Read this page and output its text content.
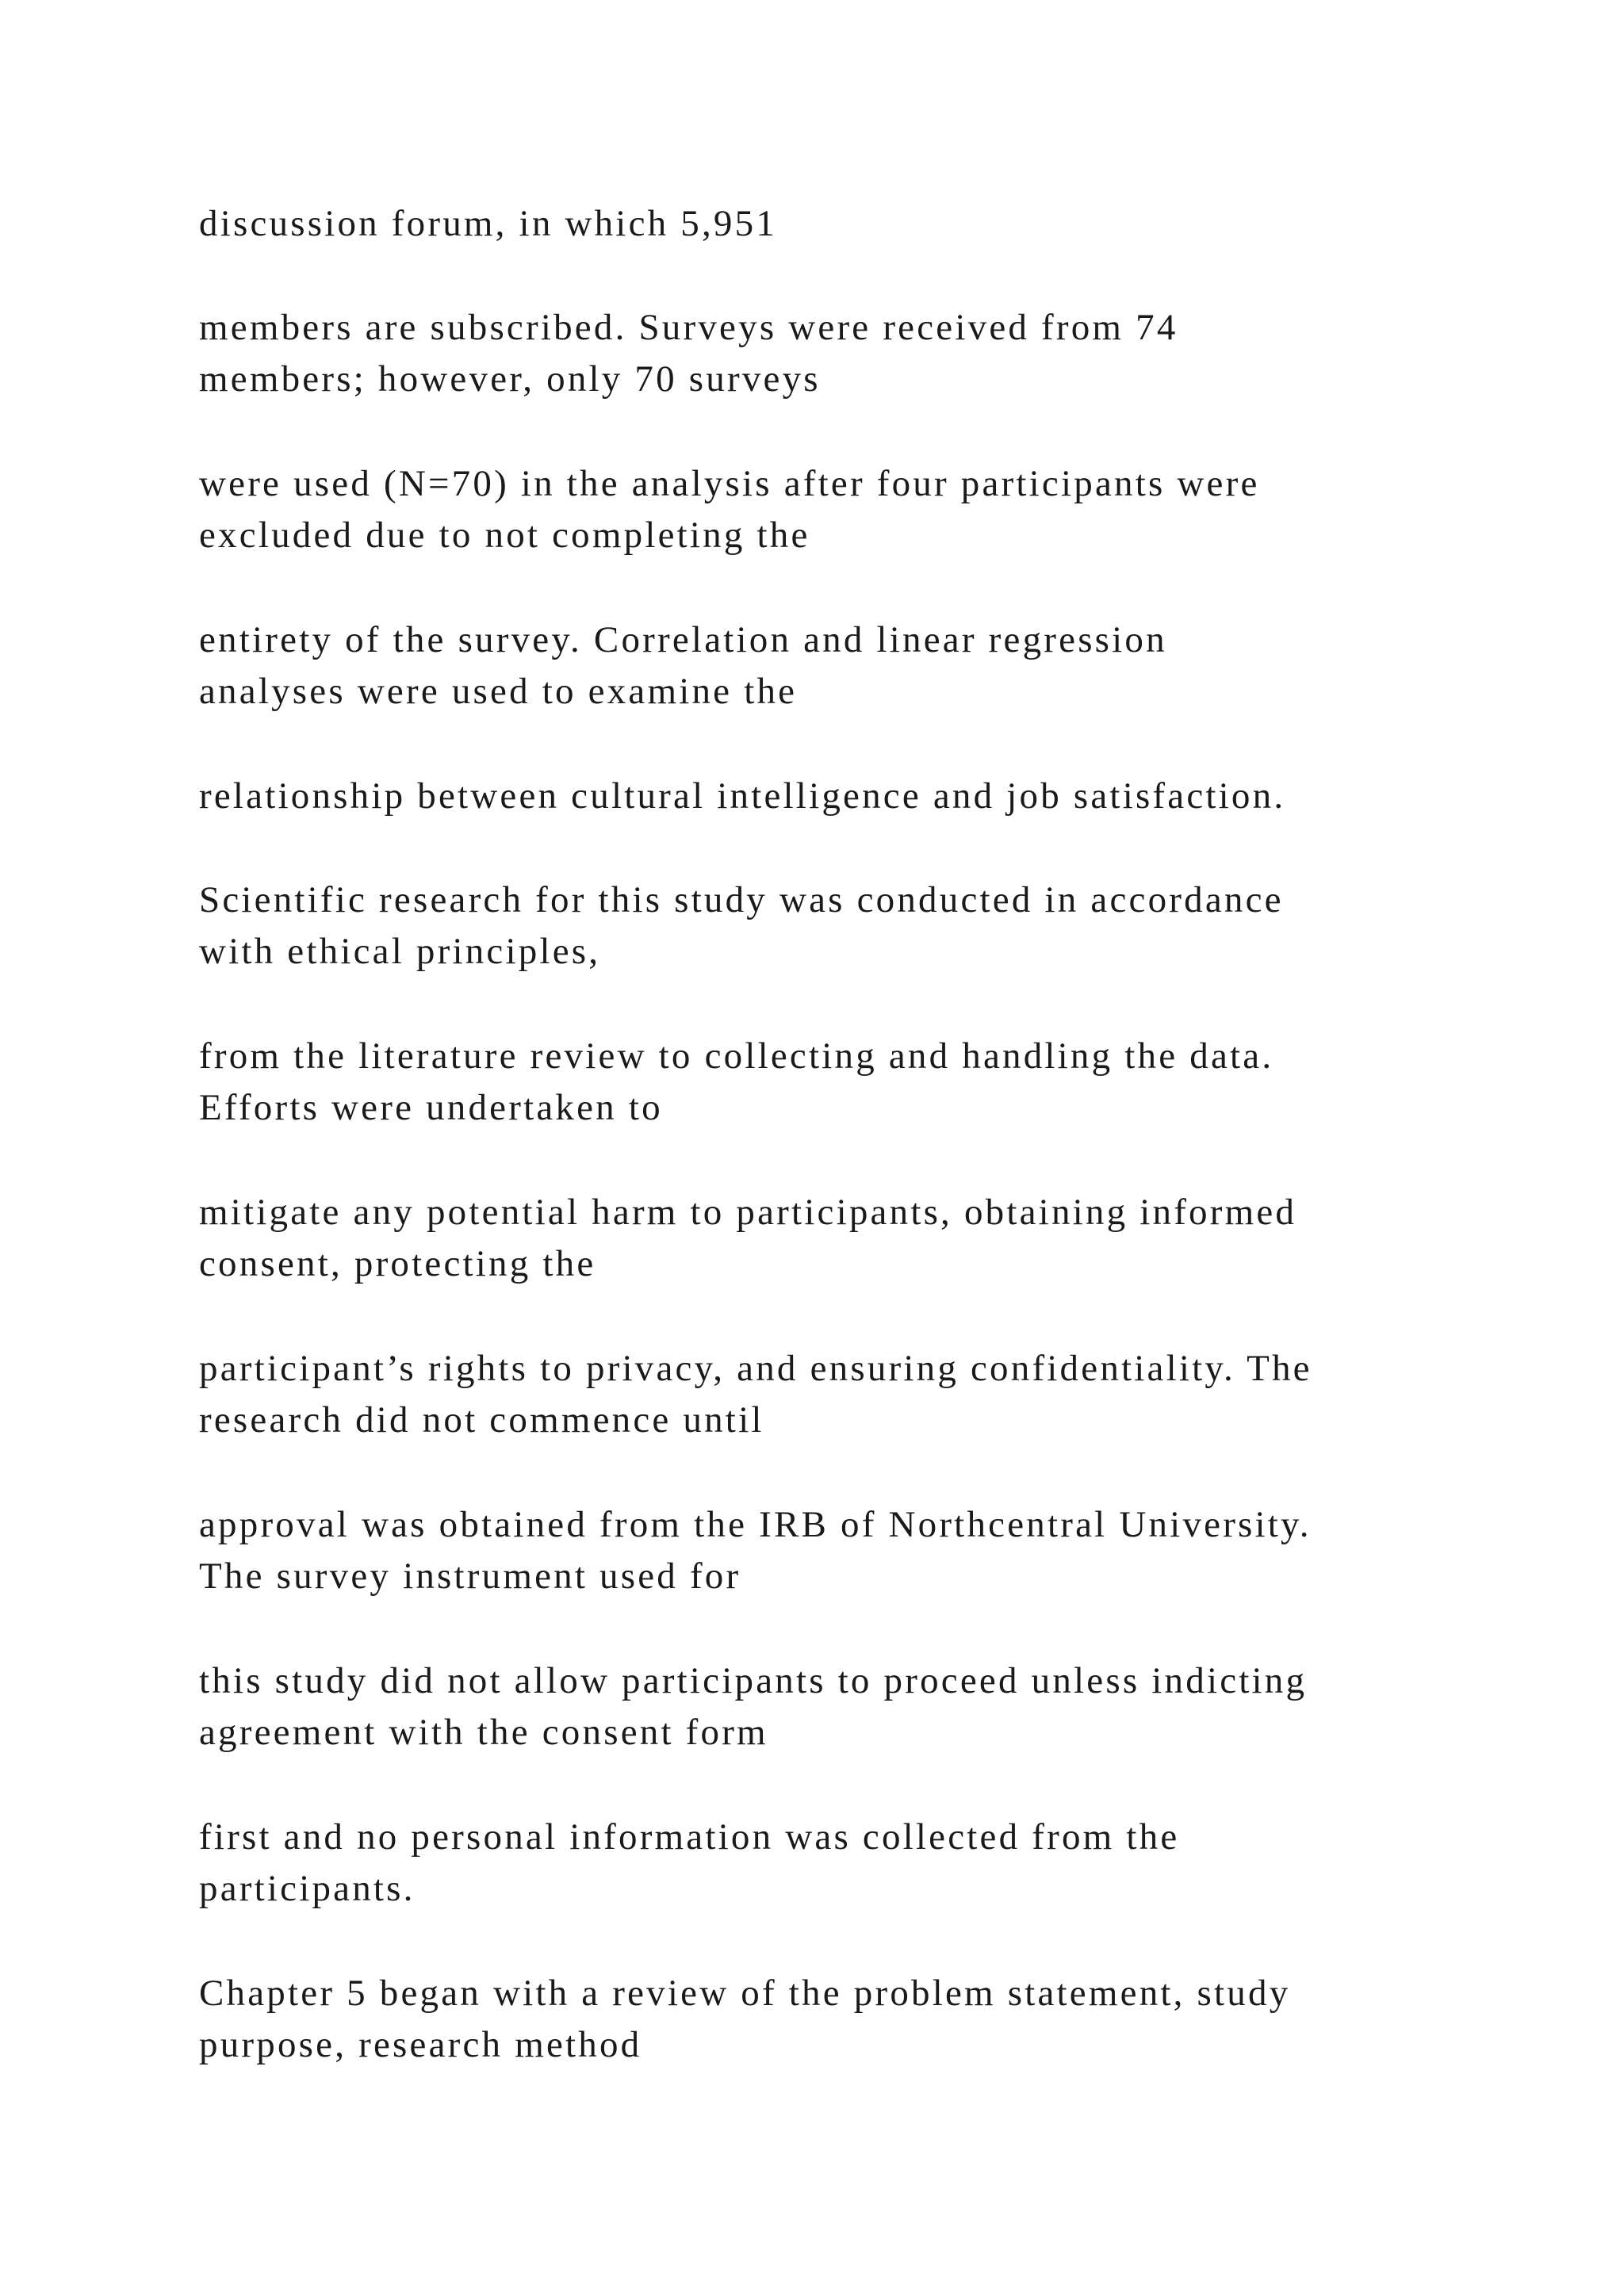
discussion forum, in which 5,951
members are subscribed. Surveys were received from 74
members; however, only 70 surveys
were used (N=70) in the analysis after four participants were
excluded due to not completing the
entirety of the survey. Correlation and linear regression
analyses were used to examine the
relationship between cultural intelligence and job satisfaction.
Scientific research for this study was conducted in accordance
with ethical principles,
from the literature review to collecting and handling the data.
Efforts were undertaken to
mitigate any potential harm to participants, obtaining informed
consent, protecting the
participant’s rights to privacy, and ensuring confidentiality. The
research did not commence until
approval was obtained from the IRB of Northcentral University.
The survey instrument used for
this study did not allow participants to proceed unless indicting
agreement with the consent form
first and no personal information was collected from the
participants.
Chapter 5 began with a review of the problem statement, study
purpose, research method
